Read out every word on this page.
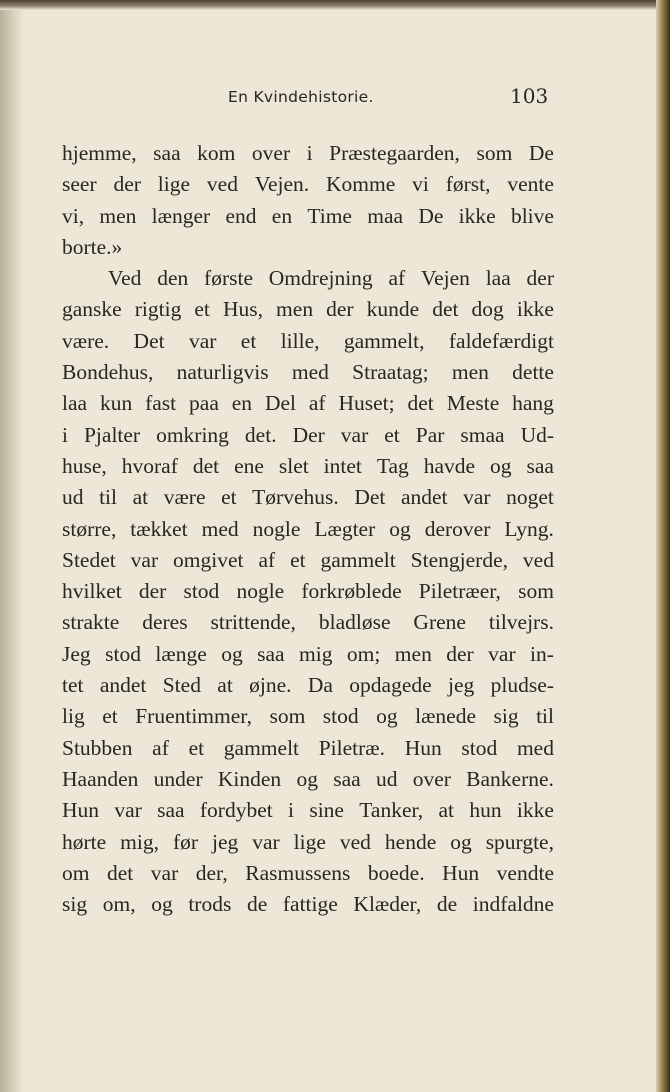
En Kvindehistorie.	103
hjemme, saa kom over i Præstegaarden, som De
seer der lige ved Vejen. Komme vi først, vente
vi, men længer end en Time maa De ikke blive
borte.»
Ved den første Omdrejning af Vejen laa der
ganske rigtig et Hus, men der kunde det dog ikke
være. Det var et lille, gammelt, faldefærdigt
Bondehus, naturligvis med Straatag; men dette
laa kun fast paa en Del af Huset; det Meste hang
i Pjalter omkring det. Der var et Par smaa Ud-
huse, hvoraf det ene slet intet Tag havde og saa
ud til at være et Tørvehus. Det andet var noget
større, tækket med nogle Lægter og derover Lyng.
Stedet var omgivet af et gammelt Stengjerde, ved
hvilket der stod nogle forkrøblede Piletræer, som
strakte deres strittende, bladløse Grene tilvejrs.
Jeg stod længe og saa mig om; men der var in-
tet andet Sted at øjne. Da opdagede jeg pludse-
lig et Fruentimmer, som stod og lænede sig til
Stubben af et gammelt Piletræ. Hun stod med
Haanden under Kinden og saa ud over Bankerne.
Hun var saa fordybet i sine Tanker, at hun ikke
hørte mig, før jeg var lige ved hende og spurgte,
om det var der, Rasmussens boede. Hun vendte
sig om, og trods de fattige Klæder, de indfaldne
